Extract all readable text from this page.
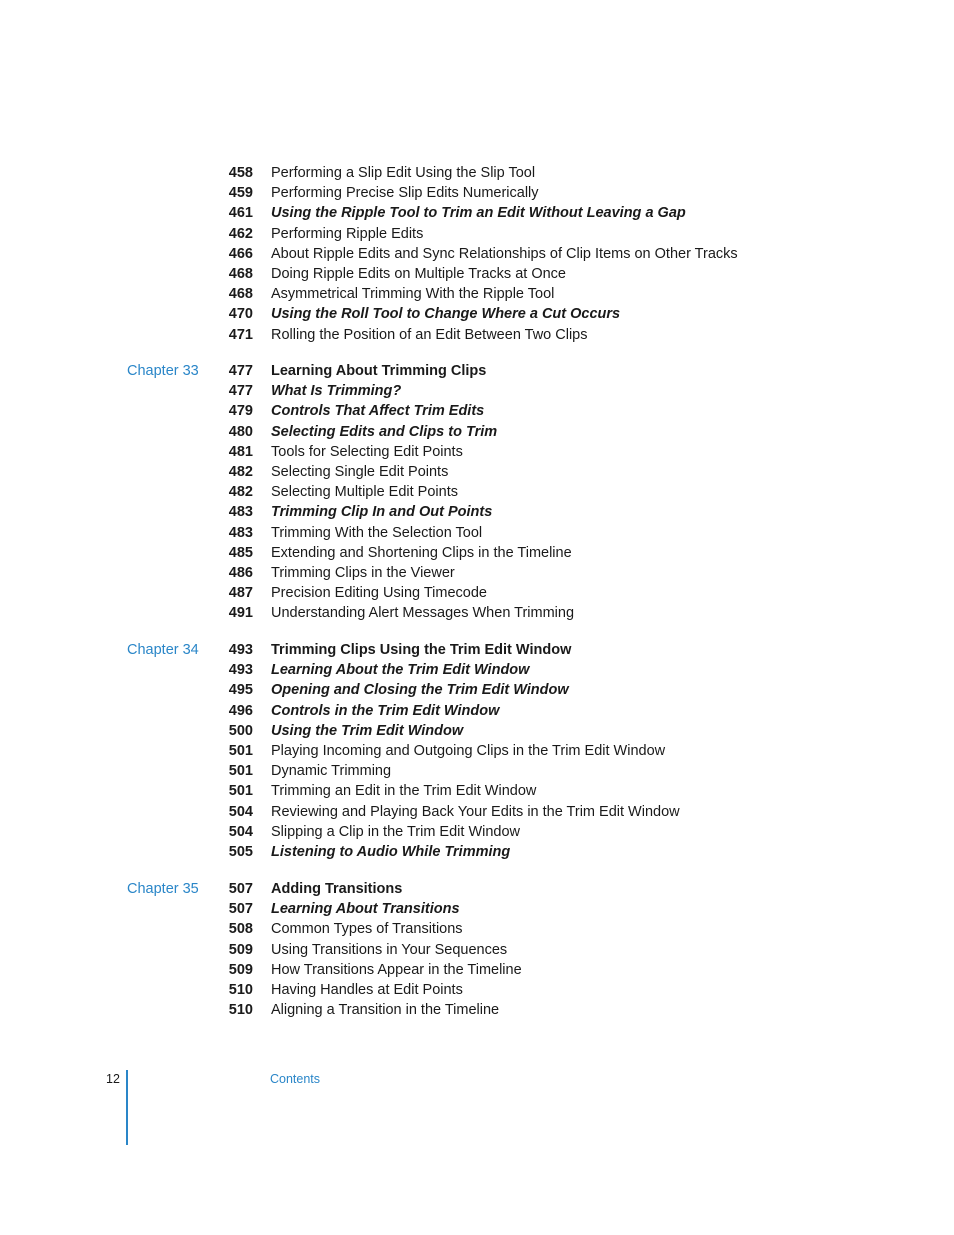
458 Performing a Slip Edit Using the Slip Tool
459 Performing Precise Slip Edits Numerically
461 Using the Ripple Tool to Trim an Edit Without Leaving a Gap
462 Performing Ripple Edits
466 About Ripple Edits and Sync Relationships of Clip Items on Other Tracks
468 Doing Ripple Edits on Multiple Tracks at Once
468 Asymmetrical Trimming With the Ripple Tool
470 Using the Roll Tool to Change Where a Cut Occurs
471 Rolling the Position of an Edit Between Two Clips
Chapter 33	477 Learning About Trimming Clips
477 What Is Trimming?
479 Controls That Affect Trim Edits
480 Selecting Edits and Clips to Trim
481 Tools for Selecting Edit Points
482 Selecting Single Edit Points
482 Selecting Multiple Edit Points
483 Trimming Clip In and Out Points
483 Trimming With the Selection Tool
485 Extending and Shortening Clips in the Timeline
486 Trimming Clips in the Viewer
487 Precision Editing Using Timecode
491 Understanding Alert Messages When Trimming
Chapter 34	493 Trimming Clips Using the Trim Edit Window
493 Learning About the Trim Edit Window
495 Opening and Closing the Trim Edit Window
496 Controls in the Trim Edit Window
500 Using the Trim Edit Window
501 Playing Incoming and Outgoing Clips in the Trim Edit Window
501 Dynamic Trimming
501 Trimming an Edit in the Trim Edit Window
504 Reviewing and Playing Back Your Edits in the Trim Edit Window
504 Slipping a Clip in the Trim Edit Window
505 Listening to Audio While Trimming
Chapter 35	507 Adding Transitions
507 Learning About Transitions
508 Common Types of Transitions
509 Using Transitions in Your Sequences
509 How Transitions Appear in the Timeline
510 Having Handles at Edit Points
510 Aligning a Transition in the Timeline
12	Contents
